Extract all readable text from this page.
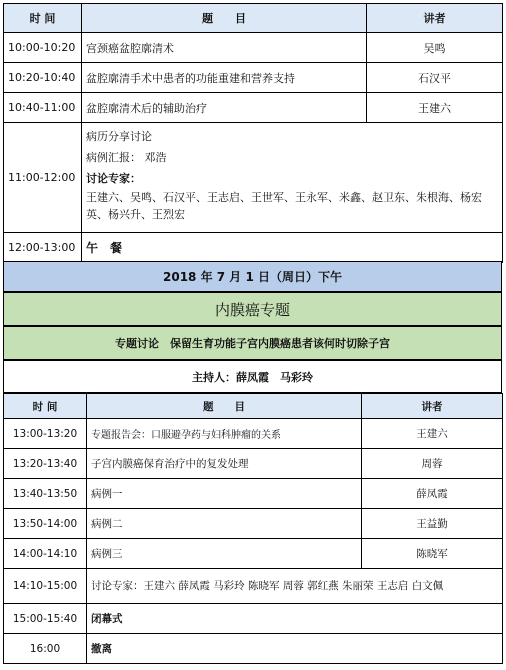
时 间	题　　目	讲者
10:00-10:20	宫颈癌盆腔廓清术	吴鸣
10:20-10:40	盆腔廓清手术中患者的功能重建和营养支持	石汉平
10:40-11:00	盆腔廓清术后的辅助治疗	王建六
11:00-12:00	病历分享讨论
病例汇报： 邓浩
讨论专家：
王建六、吴鸣、石汉平、王志启、王世军、王永军、米鑫、赵卫东、朱根海、杨宏英、杨兴升、王烈宏	

12:00-13:00	午　餐	
2018 年 7 月 1 日（周日）下午
内膜癌专题
专题讨论　保留生育功能子宫内膜癌患者该何时切除子宫
主持人：薛凤霞　马彩玲
时 间	题　　目	讲者
13:00-13:20	专题报告会：口服避孕药与妇科肿瘤的关系	王建六
13:20-13:40	子宫内膜癌保育治疗中的复发处理	周蓉
13:40-13:50	病例一	薛凤霞
13:50-14:00	病例二	王益勤
14:00-14:10	病例三	陈晓军
14:10-15:00	讨论专家：王建六 薛凤霞 马彩玲 陈晓军 周蓉 郭红燕 朱丽荣 王志启 白文佩	
15:00-15:40	闭幕式	
16:00	撤离	
